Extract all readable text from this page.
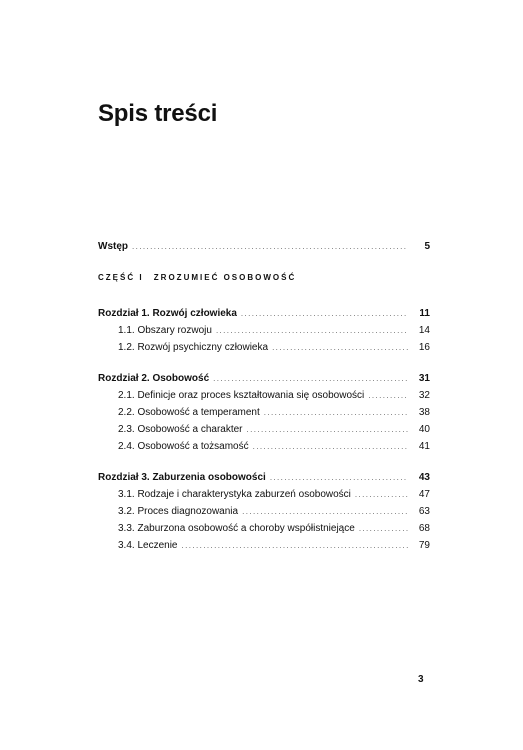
Spis treści
Wstęp .....	5
CZĘŚĆ I ZROZUMIEĆ OSOBOWOŚĆ
Rozdział 1. Rozwój człowieka .....	11
1.1. Obszary rozwoju .....	14
1.2. Rozwój psychiczny człowieka .....	16
Rozdział 2. Osobowość .....	31
2.1. Definicje oraz proces kształtowania się osobowości .....	32
2.2. Osobowość a temperament .....	38
2.3. Osobowość a charakter .....	40
2.4. Osobowość a tożsamość .....	41
Rozdział 3. Zaburzenia osobowości .....	43
3.1. Rodzaje i charakterystyka zaburzeń osobowości .....	47
3.2. Proces diagnozowania .....	63
3.3. Zaburzona osobowość a choroby współistniejące .....	68
3.4. Leczenie .....	79
3
